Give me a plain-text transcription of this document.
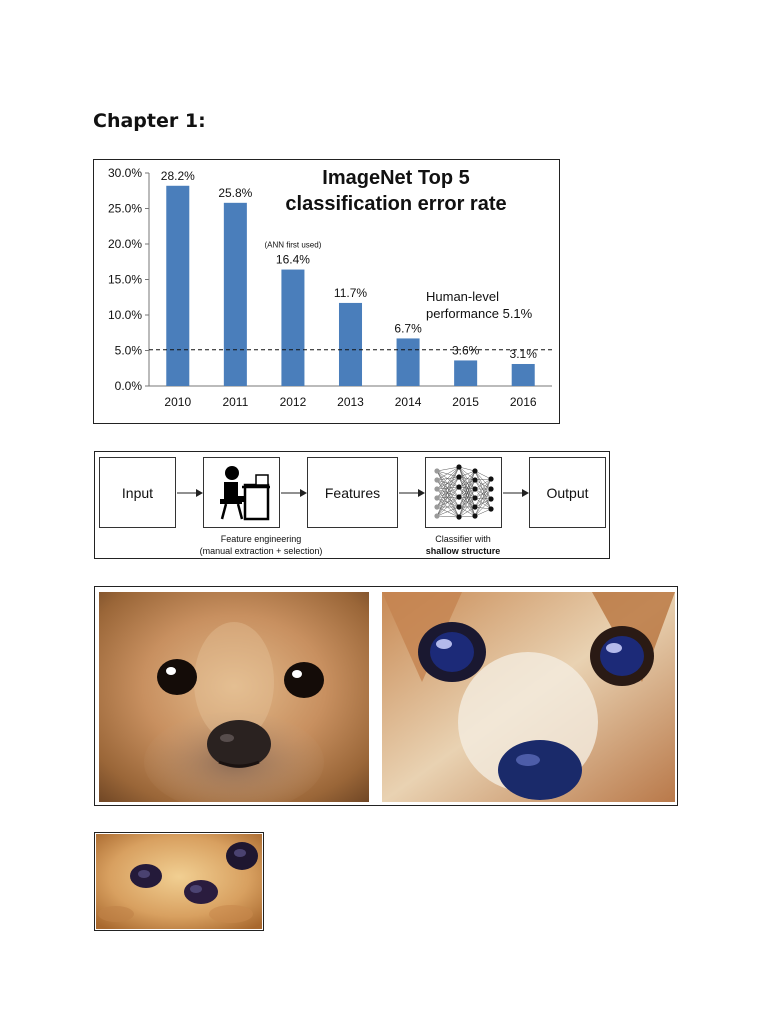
Chapter 1:
30.0%
25.0%
20.0%
15.0%
10.0%
5.0%
0.0%
28.2%
2010
25.8%
2011
16.4%
2012
(ANN first used)
11.7%
2013
6.7%
2014
3.6%
2015
3.1%
2016
Human-level
performance 5.1%
ImageNet Top 5
classification error rate
Input	Features	Output
Feature engineering
(manual extraction + selection)
Classifier with
shallow structure
